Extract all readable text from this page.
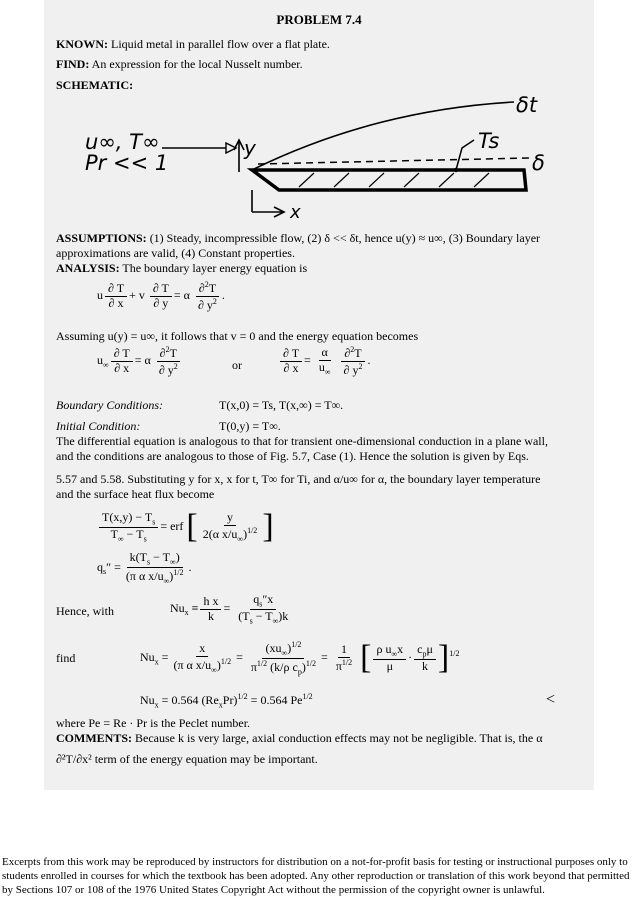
PROBLEM 7.4
KNOWN: Liquid metal in parallel flow over a flat plate.
FIND: An expression for the local Nusselt number.
SCHEMATIC:
u∞, T∞
Pr << 1
y
x
Ts
δt
δ
ASSUMPTIONS: (1) Steady, incompressible flow, (2) δ << δt, hence u(y) ≈ u∞, (3) Boundary layer
approximations are valid, (4) Constant properties.
ANALYSIS: The boundary layer energy equation is
u $\frac{\partial T}{\partial x} + v \frac{\partial T}{\partial y} = \alpha \frac{\partial^2T}{\partial y^2}$ .
Assuming u(y) = u∞, it follows that v = 0 and the energy equation becomes
$u_\infty \frac{\partial T}{\partial x} = \alpha \frac{\partial^2T}{\partial y^2}$	or	$\frac{\partial T}{\partial x} = \frac{\alpha}{u_\infty}$
$\frac{\partial^2T}{\partial y^2}$ .
Boundary Conditions:	T(x,0) = Ts, T(x,∞) = T∞.
Initial Condition:	T(0,y) = T∞.
The differential equation is analogous to that for transient one-dimensional conduction in a plane wall,
and the conditions are analogous to those of Fig. 5.7, Case (1). Hence the solution is given by Eqs.
5.57 and 5.58. Substituting y for x, x for t, T∞ for Ti, and α/u∞ for α, the boundary layer temperature
and the surface heat flux become
$\frac{T(x,y) - T_s}{T_\infty - T_s}$ = erf [ $\frac{y}{2(\alpha x/u_\infty)^{1/2}}$ ]
$q_s'' = \frac{k(T_s - T_\infty)}{(\pi \alpha x/u_\infty)^{1/2}}$ .
Hence, with	$Nu_x \equiv \frac{\text{h x}}{k} = \frac{q_s''x}{(T_s - T_\infty)k}$
find	$Nu_x = \frac{x}{(\pi \alpha x/u_\infty)^{1/2}} = \frac{(xu_\infty)^{1/2}}{\pi^{1/2} (k/\rho c_p)^{1/2}} = \frac{1}{\pi^{1/2}}$ [ $\frac{\rho u_\infty x}{\mu} \cdot \frac{c_p\mu}{k} ]^{1/2}$
$Nu_x = 0.564$ $(Re_xPr)^{1/2} = 0.564$ $Pe^{1/2}$	<
where Pe = Re · Pr is the Peclet number.
COMMENTS: Because k is very large, axial conduction effects may not be negligible. That is, the α
∂²T/∂x² term of the energy equation may be important.
Excerpts from this work may be reproduced by instructors for distribution on a not-for-profit basis for testing or instructional purposes only to students enrolled in courses for which the textbook has been adopted. Any other reproduction or translation of this work beyond that permitted by Sections 107 or 108 of the 1976 United States Copyright Act without the permission of the copyright owner is unlawful.
